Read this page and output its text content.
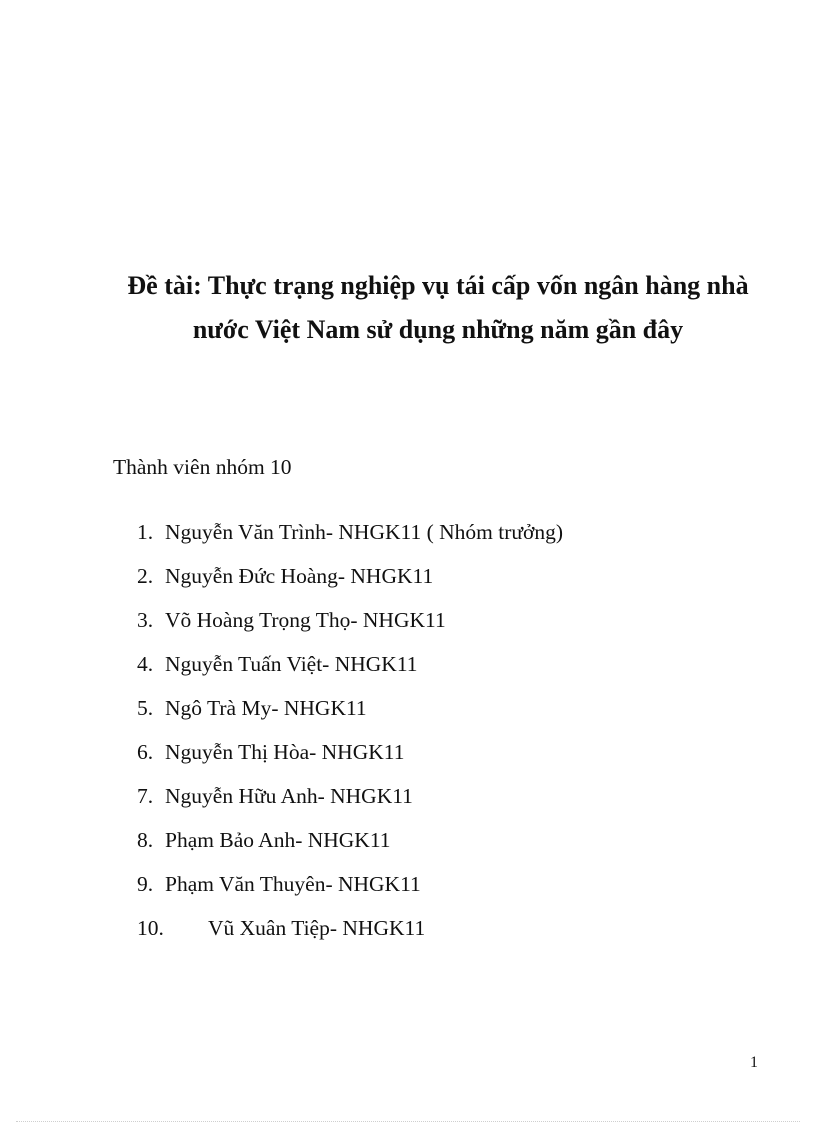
Đề tài: Thực trạng nghiệp vụ tái cấp vốn ngân hàng nhà
nước Việt Nam sử dụng những năm gần đây
Thành viên nhóm 10
1. Nguyễn Văn Trình- NHGK11 ( Nhóm trưởng)
2. Nguyễn Đức Hoàng- NHGK11
3. Võ Hoàng Trọng Thọ- NHGK11
4. Nguyễn Tuấn Việt- NHGK11
5. Ngô Trà My- NHGK11
6. Nguyễn Thị Hòa- NHGK11
7. Nguyễn Hữu Anh- NHGK11
8. Phạm Bảo Anh- NHGK11
9. Phạm Văn Thuyên- NHGK11
10. Vũ Xuân Tiệp- NHGK11
1
